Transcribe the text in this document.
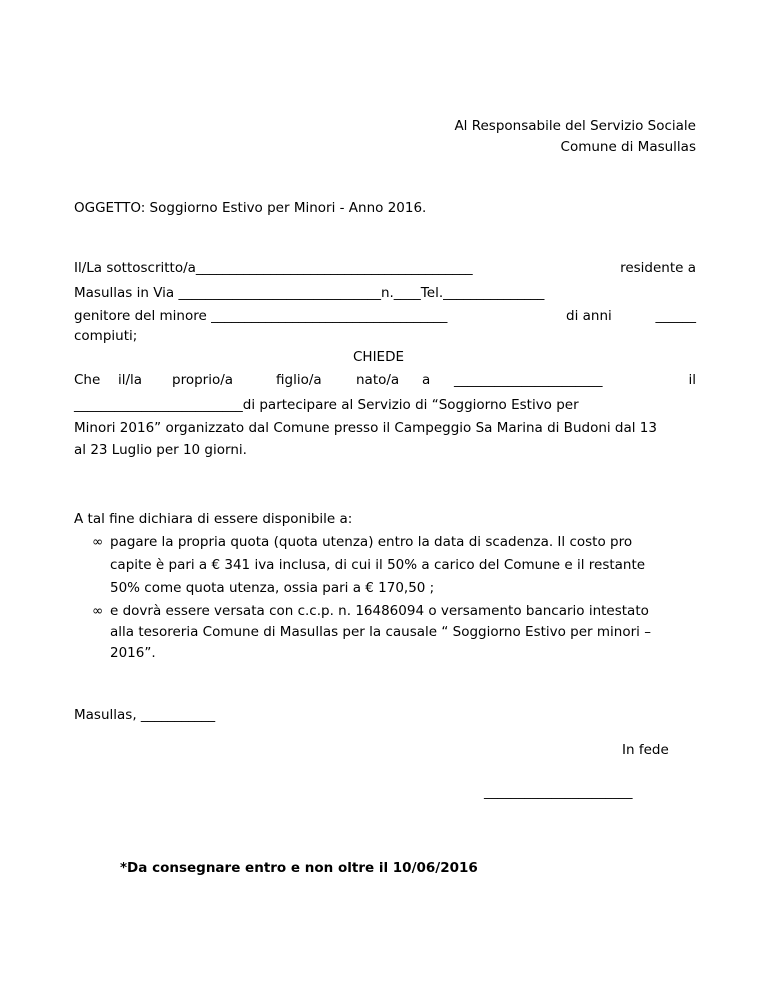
Al Responsabile del Servizio Sociale
Comune di Masullas
OGGETTO: Soggiorno Estivo per Minori - Anno 2016.
Il/La sottoscritto/a_________________________________________	residente a
Masullas in Via ______________________________n.____Tel._______________
genitore del minore ___________________________________	di anni	______
compiuti;
CHIEDE
Che il/la proprio/a	figlio/a	nato/a a ______________________	il
_________________________di partecipare al Servizio di “Soggiorno Estivo per
Minori 2016” organizzato dal Comune presso il Campeggio Sa Marina di Budoni dal 13
al 23 Luglio per 10 giorni.
A tal fine dichiara di essere disponibile a:
∞ pagare la propria quota (quota utenza) entro la data di scadenza. Il costo pro
capite è pari a € 341 iva inclusa, di cui il 50% a carico del Comune e il restante
50% come quota utenza, ossia pari a € 170,50 ;
∞ e dovrà essere versata con c.c.p. n. 16486094 o versamento bancario intestato
alla tesoreria Comune di Masullas per la causale “ Soggiorno Estivo per minori –
2016”.
Masullas, ___________
In fede
______________________
*Da consegnare entro e non oltre il 10/06/2016
